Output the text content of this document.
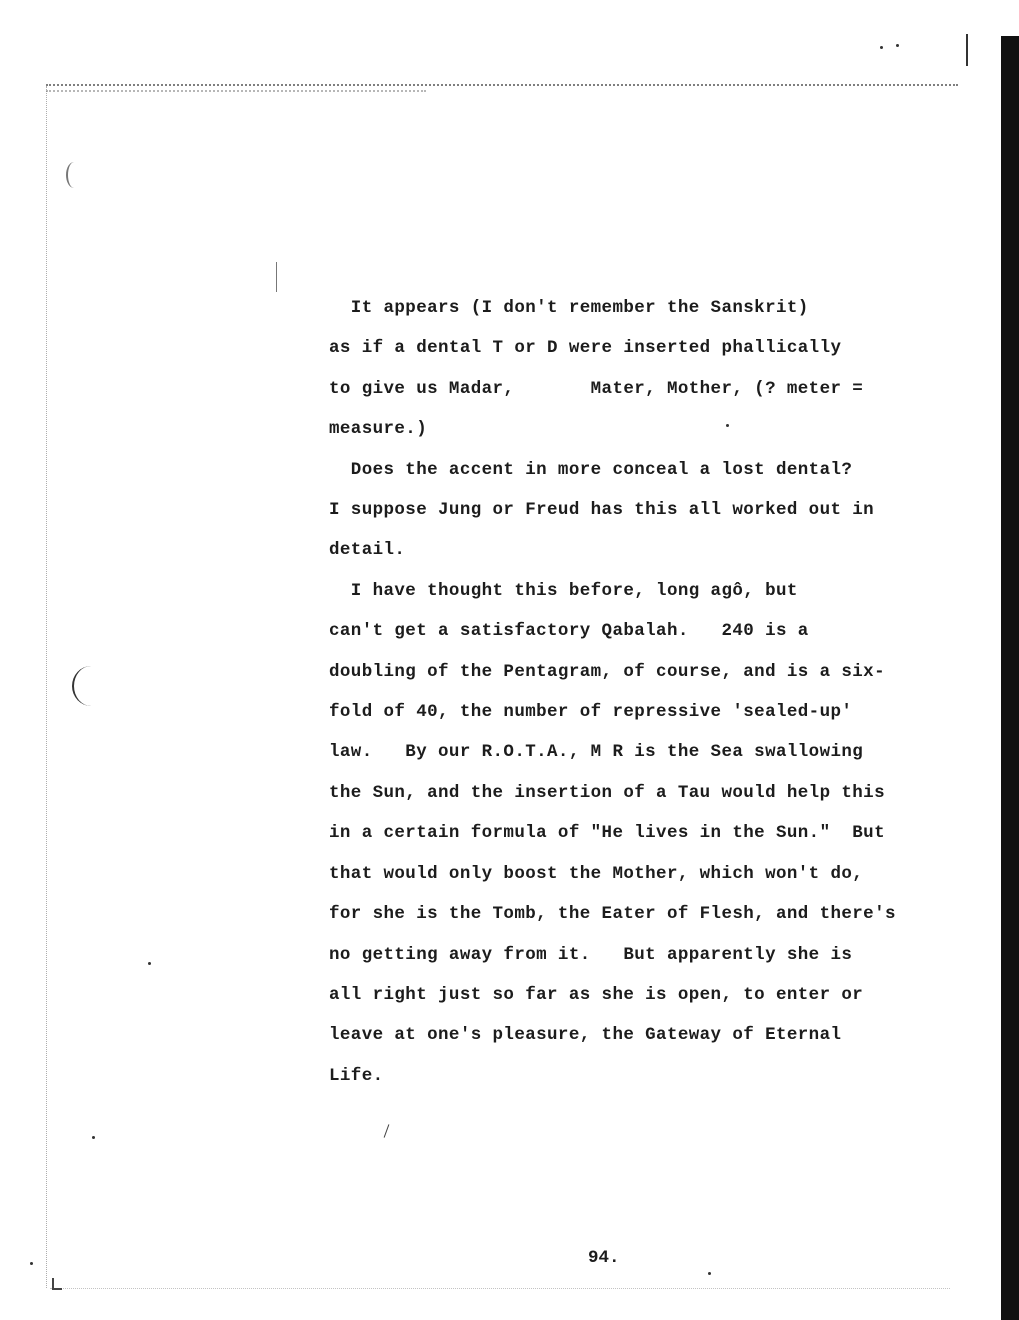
It appears (I don't remember the Sanskrit)
as if a dental T or D were inserted phallically
to give us Madar,       Mater, Mother, (? meter =
measure.)
Does the accent in more conceal a lost dental?
I suppose Jung or Freud has this all worked out in
detail.
I have thought this before, long agô, but
can't get a satisfactory Qabalah.   240 is a
doubling of the Pentagram, of course, and is a six-
fold of 40, the number of repressive 'sealed-up'
law.   By our R.O.T.A., M R is the Sea swallowing
the Sun, and the insertion of a Tau would help this
in a certain formula of "He lives in the Sun."  But
that would only boost the Mother, which won't do,
for she is the Tomb, the Eater of Flesh, and there's
no getting away from it.   But apparently she is
all right just so far as she is open, to enter or
leave at one's pleasure, the Gateway of Eternal
Life.
94.
